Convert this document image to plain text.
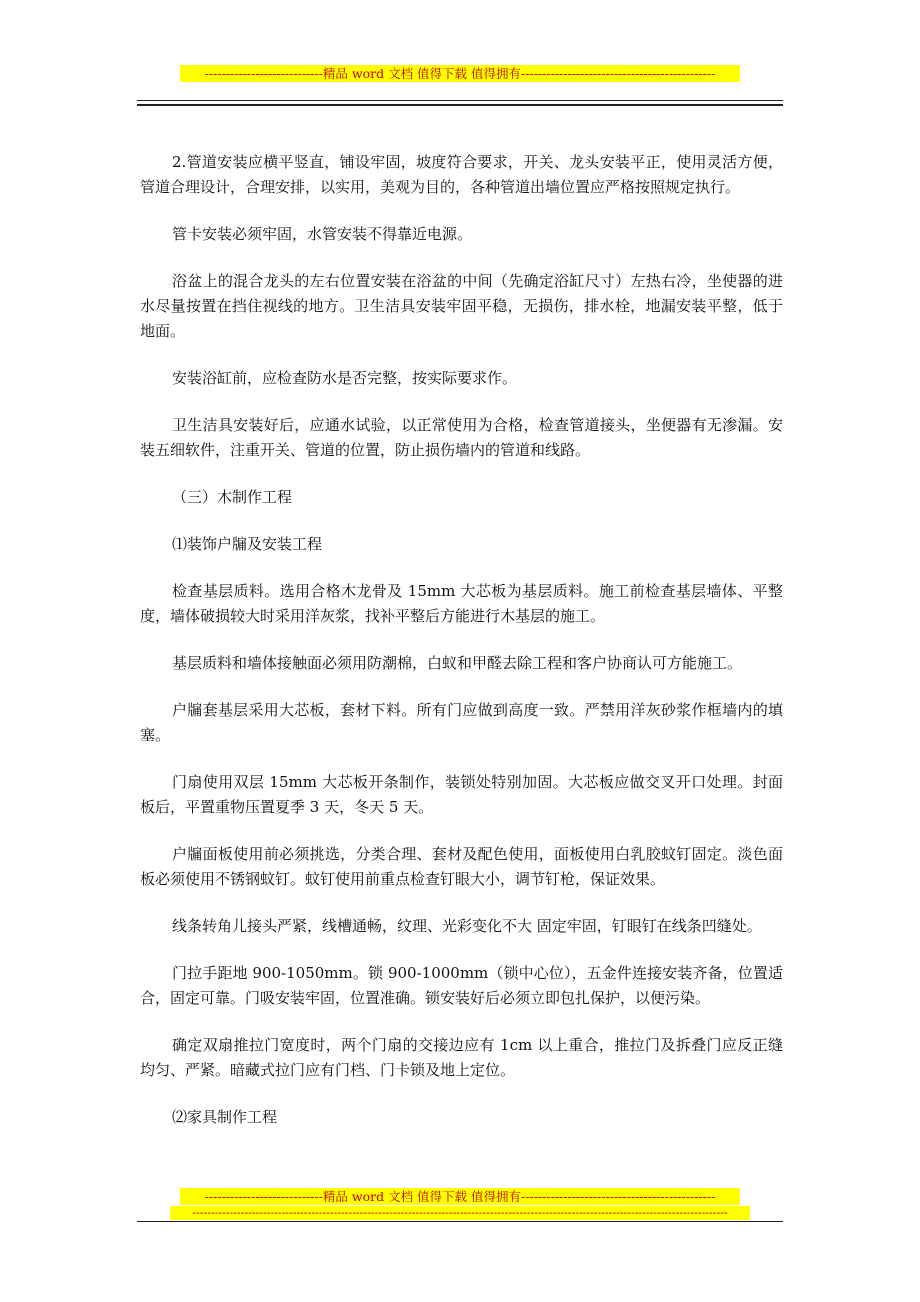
----------------------------精品 word 文档 值得下载 值得拥有----------------------------------------------

2.管道安装应横平竖直，铺设牢固，坡度符合要求，开关、龙头安装平正，使用灵活方便，管道合理设计，合理安排，以实用，美观为目的，各种管道出墙位置应严格按照规定执行。

管卡安装必须牢固，水管安装不得靠近电源。

浴盆上的混合龙头的左右位置安装在浴盆的中间（先确定浴缸尺寸）左热右冷，坐使器的进水尽量按置在挡住视线的地方。卫生洁具安装牢固平稳，无损伤，排水栓，地漏安装平整，低于地面。

安装浴缸前，应检查防水是否完整，按实际要求作。

卫生洁具安装好后，应通水试验，以正常使用为合格，检查管道接头，坐便器有无渗漏。安装五细软件，注重开关、管道的位置，防止损伤墙内的管道和线路。

（三）木制作工程

⑴装饰户牖及安装工程

检查基层质料。选用合格木龙骨及 15mm 大芯板为基层质料。施工前检查基层墙体、平整度，墙体破损较大时采用洋灰浆，找补平整后方能进行木基层的施工。

基层质料和墙体接触面必须用防潮棉，白蚁和甲醛去除工程和客户协商认可方能施工。

户牖套基层采用大芯板，套材下料。所有门应做到高度一致。严禁用洋灰砂浆作框墙内的填塞。

门扇使用双层 15mm 大芯板开条制作，装锁处特别加固。大芯板应做交叉开口处理。封面板后，平置重物压置夏季 3 天，冬天 5 天。

户牖面板使用前必须挑选，分类合理、套材及配色使用，面板使用白乳胶蚊钉固定。淡色面板必须使用不锈钢蚊钉。蚊钉使用前重点检查钉眼大小，调节钉枪，保证效果。

线条转角儿接头严紧，线槽通畅，纹理、光彩变化不大 固定牢固，钉眼钉在线条凹缝处。

门拉手距地 900-1050mm。锁 900-1000mm（锁中心位），五金件连接安装齐备，位置适合，固定可靠。门吸安装牢固，位置准确。锁安装好后必须立即包扎保护，以便污染。

确定双扇推拉门宽度时，两个门扇的交接边应有 1cm 以上重合，推拉门及拆叠门应反正缝均匀、严紧。暗藏式拉门应有门档、门卡锁及地上定位。

⑵家具制作工程

----------------------------精品 word 文档 值得下载 值得拥有----------------------------------------------
------------------------------------------------------------------------------------------------------------------------------------------------
